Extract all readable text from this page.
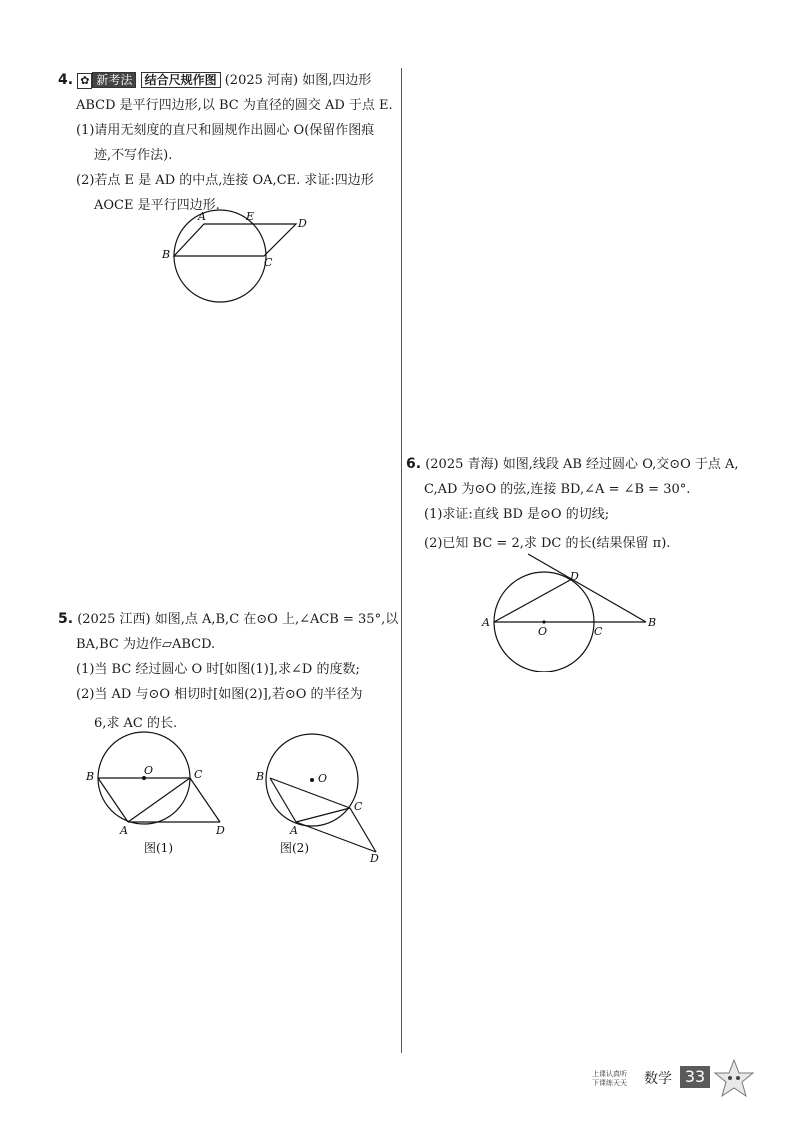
4. ✿ 新考法 结合尺规作图 (2025 河南) 如图,四边形
ABCD 是平行四边形,以 BC 为直径的圆交 AD 于点 E.
(1)请用无刻度的直尺和圆规作出圆心 O(保留作图痕
迹,不写作法).
(2)若点 E 是 AD 的中点,连接 OA,CE. 求证:四边形
AOCE 是平行四边形.
A	E
D
B
C
5. (2025 江西) 如图,点 A,B,C 在⊙O 上,∠ACB = 35°,以
BA,BC 为边作▱ABCD.
(1)当 BC 经过圆心 O 时[如图(1)],求∠D 的度数;
(2)当 AD 与⊙O 相切时[如图(2)],若⊙O 的半径为
6,求 AC 的长.
O
B	C
A	D
图(1)
O
B
C
A
D
图(2)
6. (2025 青海) 如图,线段 AB 经过圆心 O,交⊙O 于点 A,
C,AD 为⊙O 的弦,连接 BD,∠A = ∠B = 30°.
(1)求证:直线 BD 是⊙O 的切线;
(2)已知 BC = 2,求 DC 的长(结果保留 π).
A
O	C
B
D
上课认真听
下课练天天 数学 33
